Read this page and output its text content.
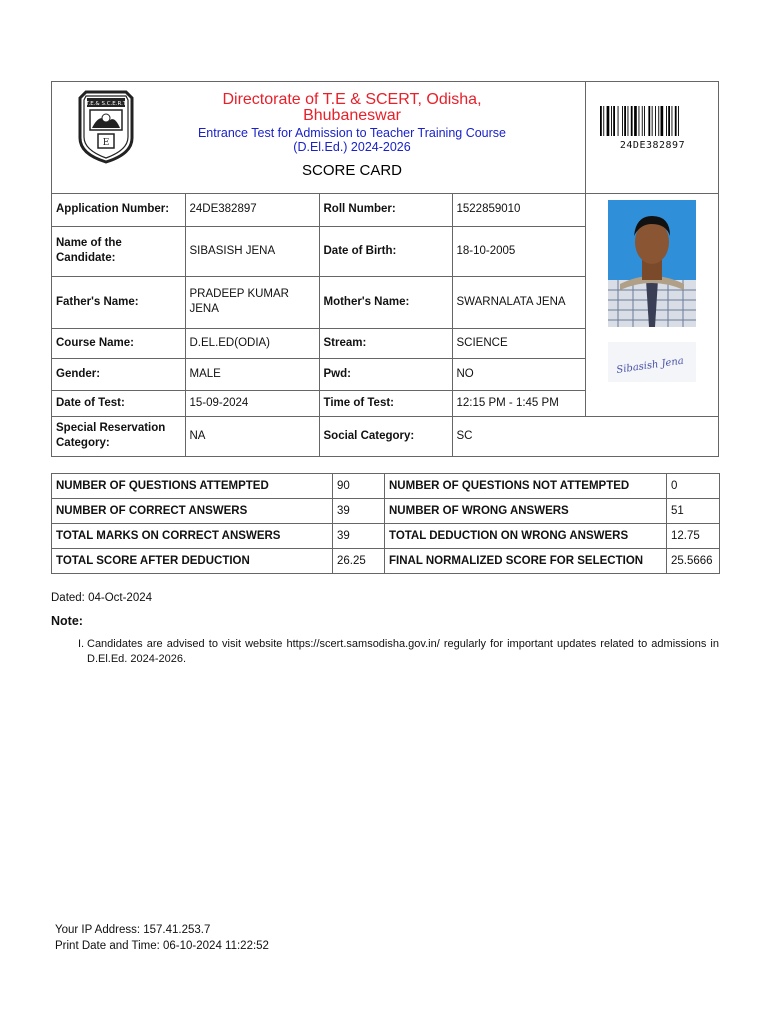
T.E.& S.C.E.R.T
E
Directorate of T.E & SCERT, Odisha,
Bhubaneswar
Entrance Test for Admission to Teacher Training Course
(D.El.Ed.) 2024-2026
SCORE CARD
24DE382897
Application Number:	24DE382897	Roll Number:	1522859010	Sibasish Jena

Name of the Candidate:	SIBASISH JENA	Date of Birth:	18-10-2005	
Father's Name:	PRADEEP KUMAR JENA	Mother's Name:	SWARNALATA JENA	
Course Name:	D.EL.ED(ODIA)	Stream:	SCIENCE	
Gender:	MALE	Pwd:	NO	
Date of Test:	15-09-2024	Time of Test:	12:15 PM - 1:45 PM	
Special Reservation Category:	NA	Social Category:	SC	
NUMBER OF QUESTIONS ATTEMPTED	90	NUMBER OF QUESTIONS NOT ATTEMPTED	0
NUMBER OF CORRECT ANSWERS	39	NUMBER OF WRONG ANSWERS	51
TOTAL MARKS ON CORRECT ANSWERS	39	TOTAL DEDUCTION ON WRONG ANSWERS	12.75
TOTAL SCORE AFTER DEDUCTION	26.25	FINAL NORMALIZED SCORE FOR SELECTION	25.5666
Dated: 04-Oct-2024
Note:
I. Candidates are advised to visit website https://scert.samsodisha.gov.in/ regularly for important updates related to admissions in D.El.Ed. 2024-2026.
Your IP Address: 157.41.253.7
Print Date and Time: 06-10-2024 11:22:52
